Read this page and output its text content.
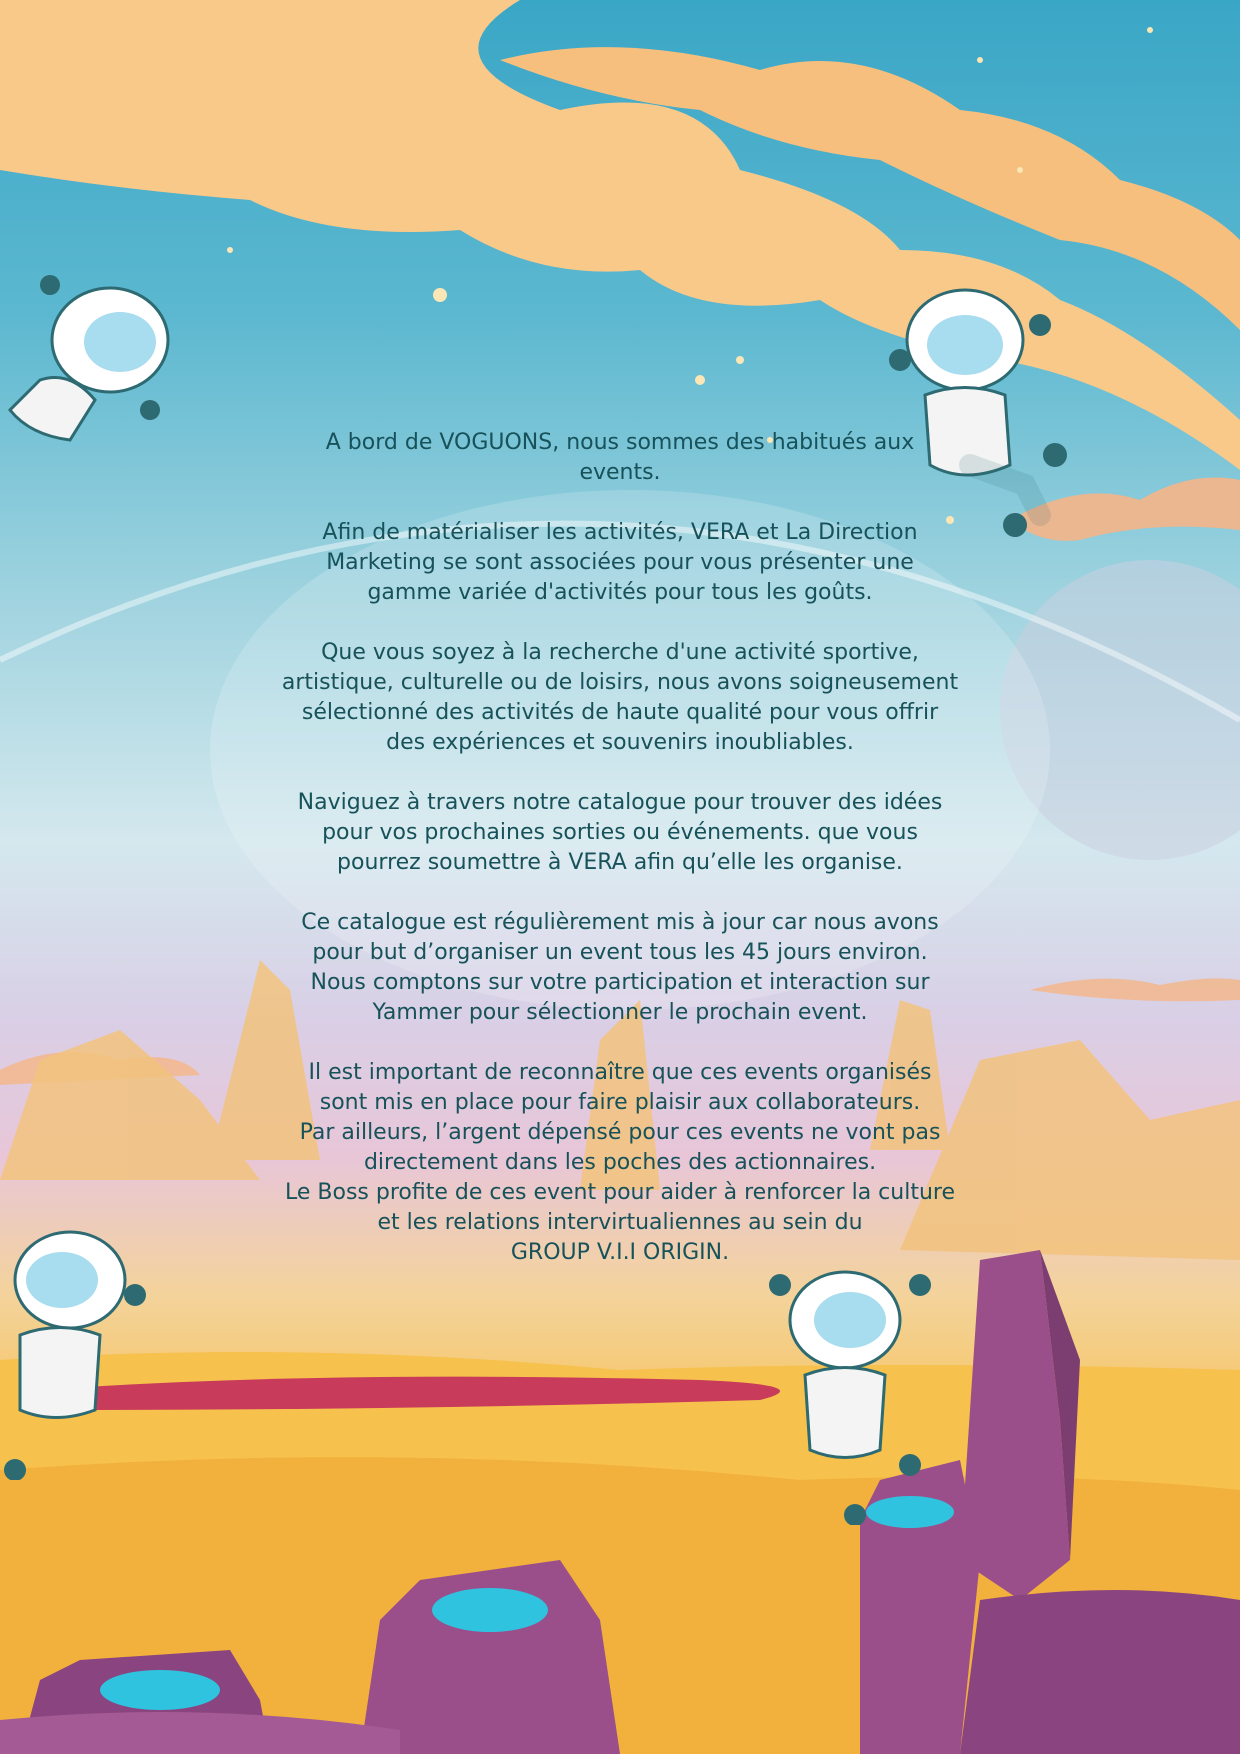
A bord de VOGUONS, nous sommes des habitués aux
events.

Afin de matérialiser les activités, VERA et La Direction
Marketing se sont associées pour vous présenter une
gamme variée d'activités pour tous les goûts.

Que vous soyez à la recherche d'une activité sportive,
artistique, culturelle ou de loisirs, nous avons soigneusement
sélectionné des activités de haute qualité pour vous offrir
des expériences et souvenirs inoubliables.

Naviguez à travers notre catalogue pour trouver des idées
pour vos prochaines sorties ou événements. que vous
pourrez soumettre à VERA afin qu’elle les organise.

Ce catalogue est régulièrement mis à jour car nous avons
pour but d’organiser un event tous les 45 jours environ.
Nous comptons sur votre participation et interaction sur
Yammer pour sélectionner le prochain event.

Il est important de reconnaître que ces events organisés
sont mis en place pour faire plaisir aux collaborateurs.
Par ailleurs, l’argent dépensé pour ces events ne vont pas
directement dans les poches des actionnaires.
Le Boss profite de ces event pour aider à renforcer la culture
et les relations intervirtualiennes au sein du
GROUP V.I.I ORIGIN.
